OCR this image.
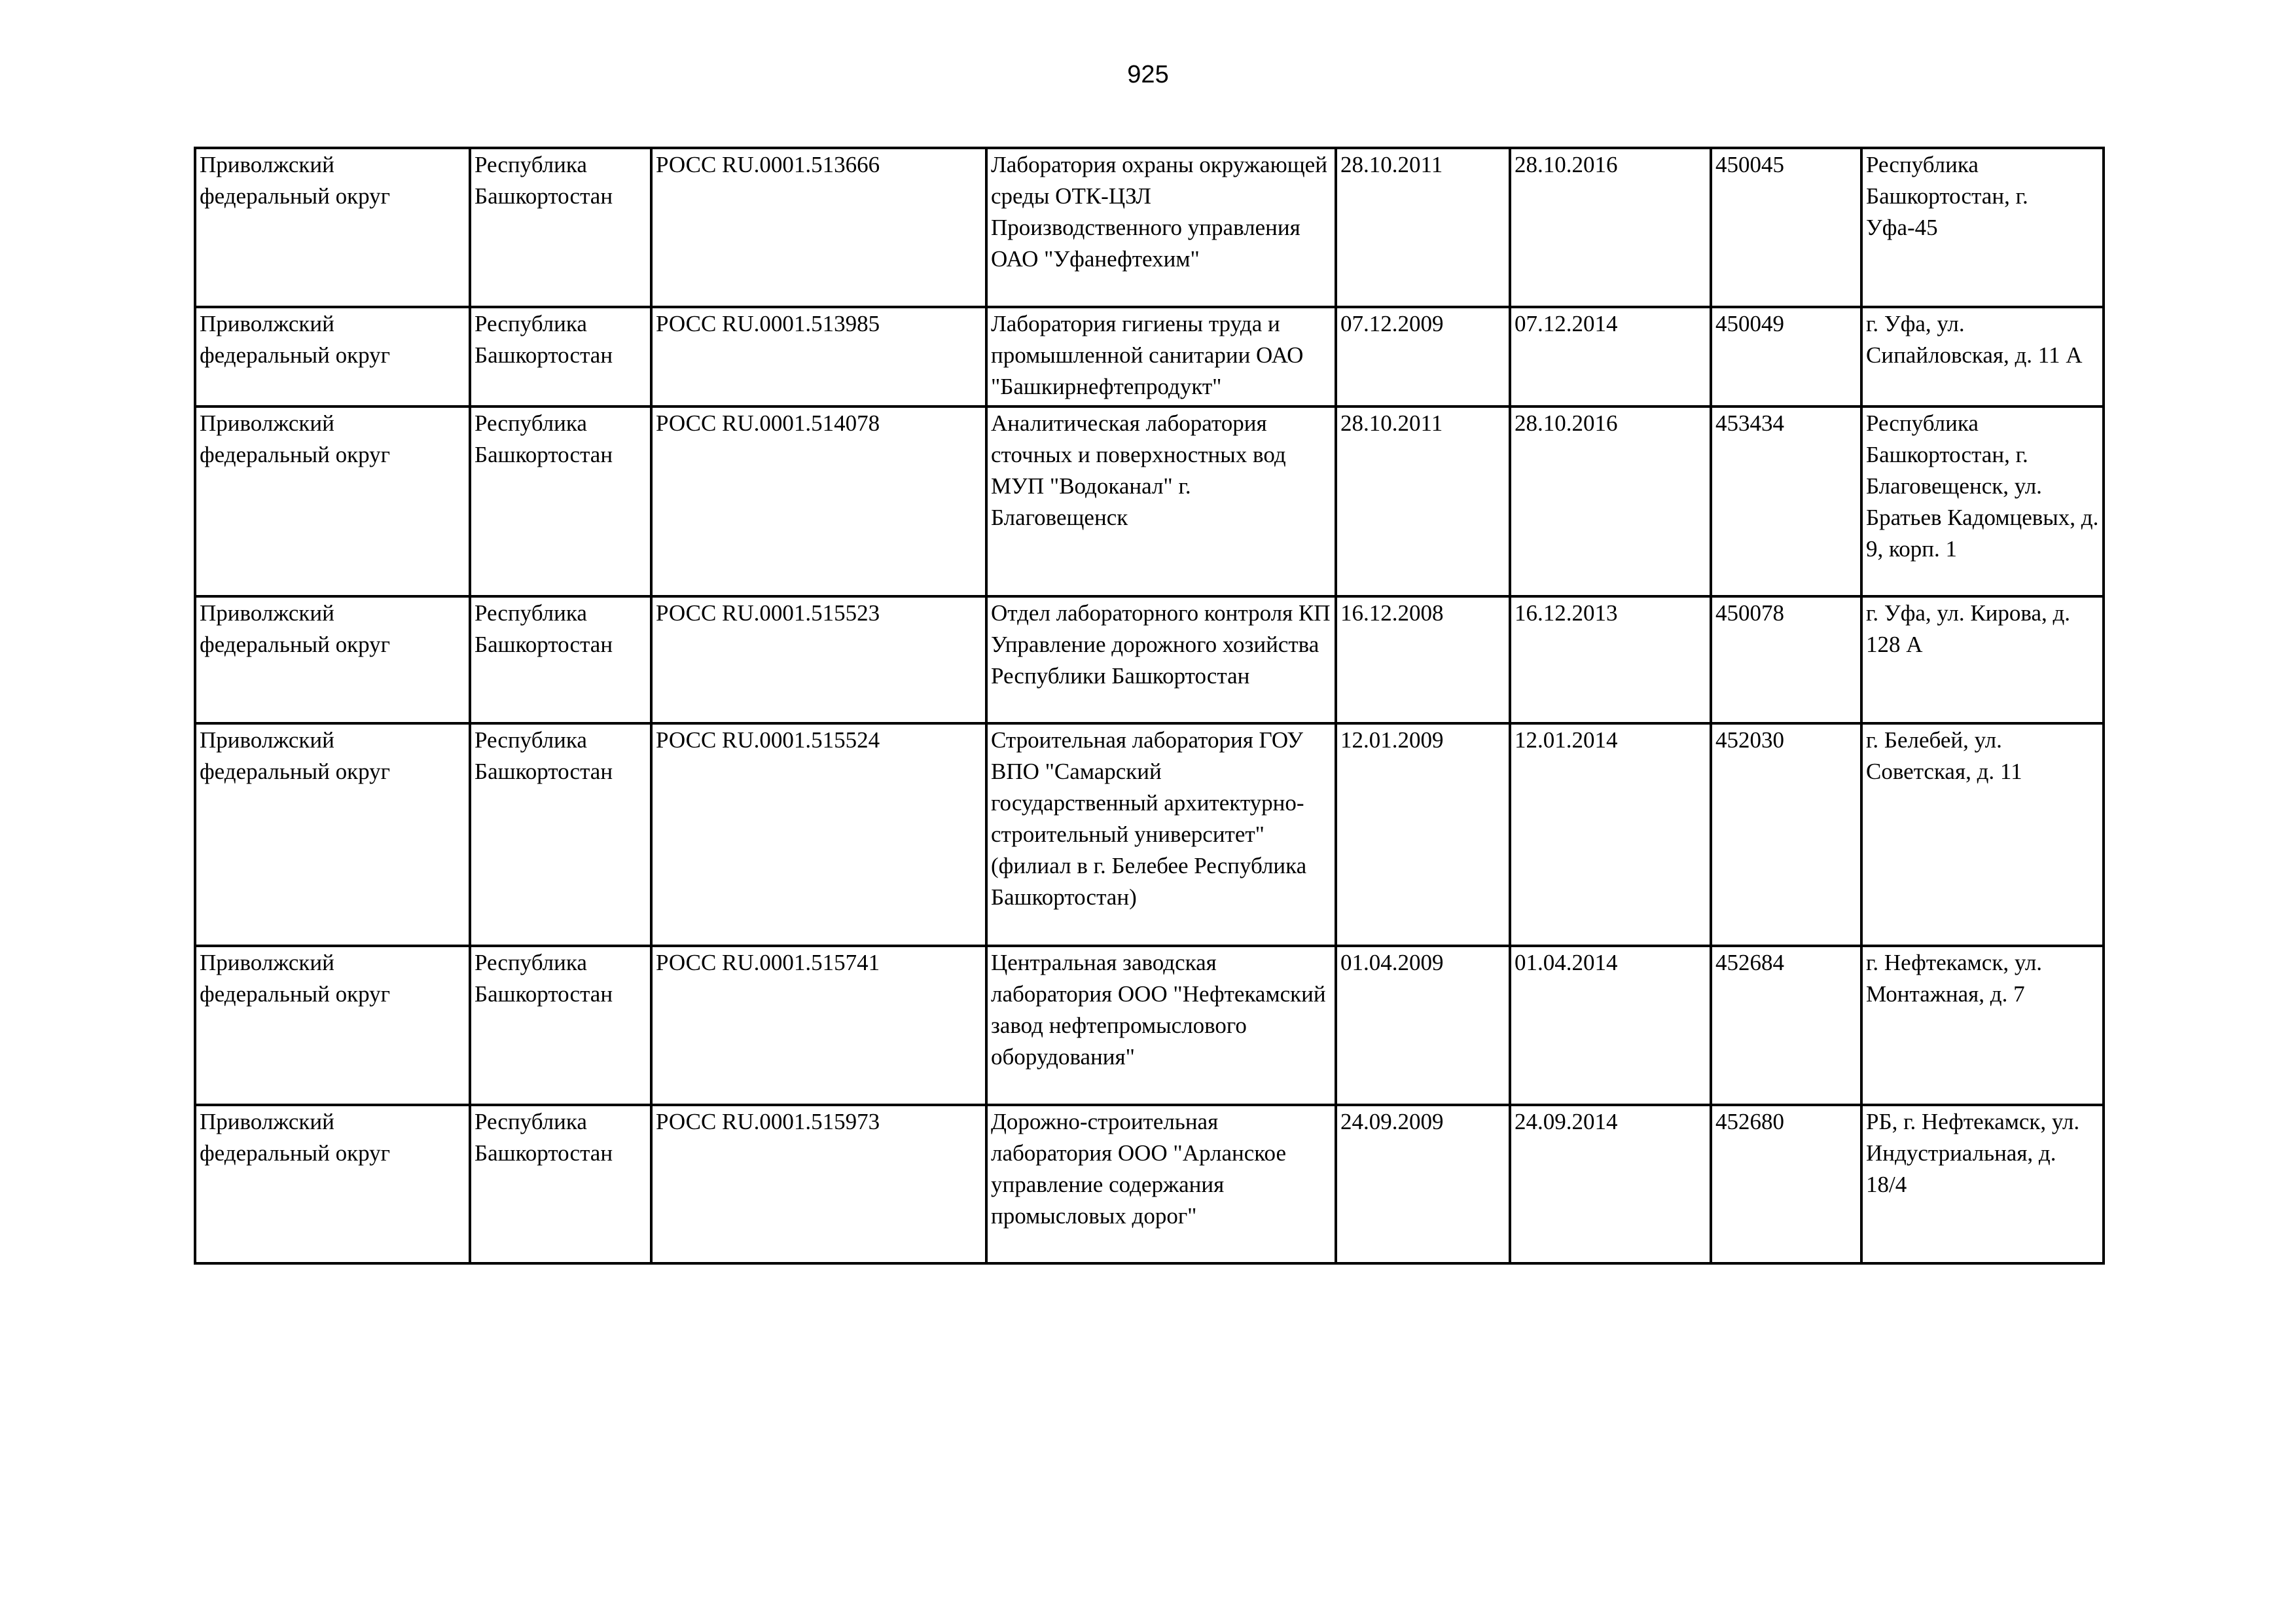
925
Приволжский федеральный округ	Республика Башкортостан	РОСС RU.0001.513666	Лаборатория охраны окружающей среды ОТК-ЦЗЛ Производственного управления ОАО "Уфанефтехим"	28.10.2011	28.10.2016	450045	Республика Башкортостан, г. Уфа-45
Приволжский федеральный округ	Республика Башкортостан	РОСС RU.0001.513985	Лаборатория гигиены труда и промышленной санитарии ОАО "Башкирнефтепродукт"	07.12.2009	07.12.2014	450049	г. Уфа, ул. Сипайловская, д. 11 А
Приволжский федеральный округ	Республика Башкортостан	РОСС RU.0001.514078	Аналитическая лаборатория сточных и поверхностных вод МУП "Водоканал" г. Благовещенск	28.10.2011	28.10.2016	453434	Республика Башкортостан, г. Благовещенск, ул. Братьев Кадомцевых, д. 9, корп. 1
Приволжский федеральный округ	Республика Башкортостан	РОСС RU.0001.515523	Отдел лабораторного контроля КП Управление дорожного хозийства Республики Башкортостан	16.12.2008	16.12.2013	450078	г. Уфа, ул. Кирова, д. 128 А
Приволжский федеральный округ	Республика Башкортостан	РОСС RU.0001.515524	Строительная лаборатория ГОУ ВПО "Самарский государственный архитектурно-строительный университет" (филиал в г. Белебее Республика Башкортостан)	12.01.2009	12.01.2014	452030	г. Белебей, ул. Советская, д. 11
Приволжский федеральный округ	Республика Башкортостан	РОСС RU.0001.515741	Центральная заводская лаборатория ООО "Нефтекамский завод нефтепромыслового оборудования"	01.04.2009	01.04.2014	452684	г. Нефтекамск, ул. Монтажная, д. 7
Приволжский федеральный округ	Республика Башкортостан	РОСС RU.0001.515973	Дорожно-строительная лаборатория ООО "Арланское управление содержания промысловых дорог"	24.09.2009	24.09.2014	452680	РБ, г. Нефтекамск, ул. Индустриальная, д. 18/4
